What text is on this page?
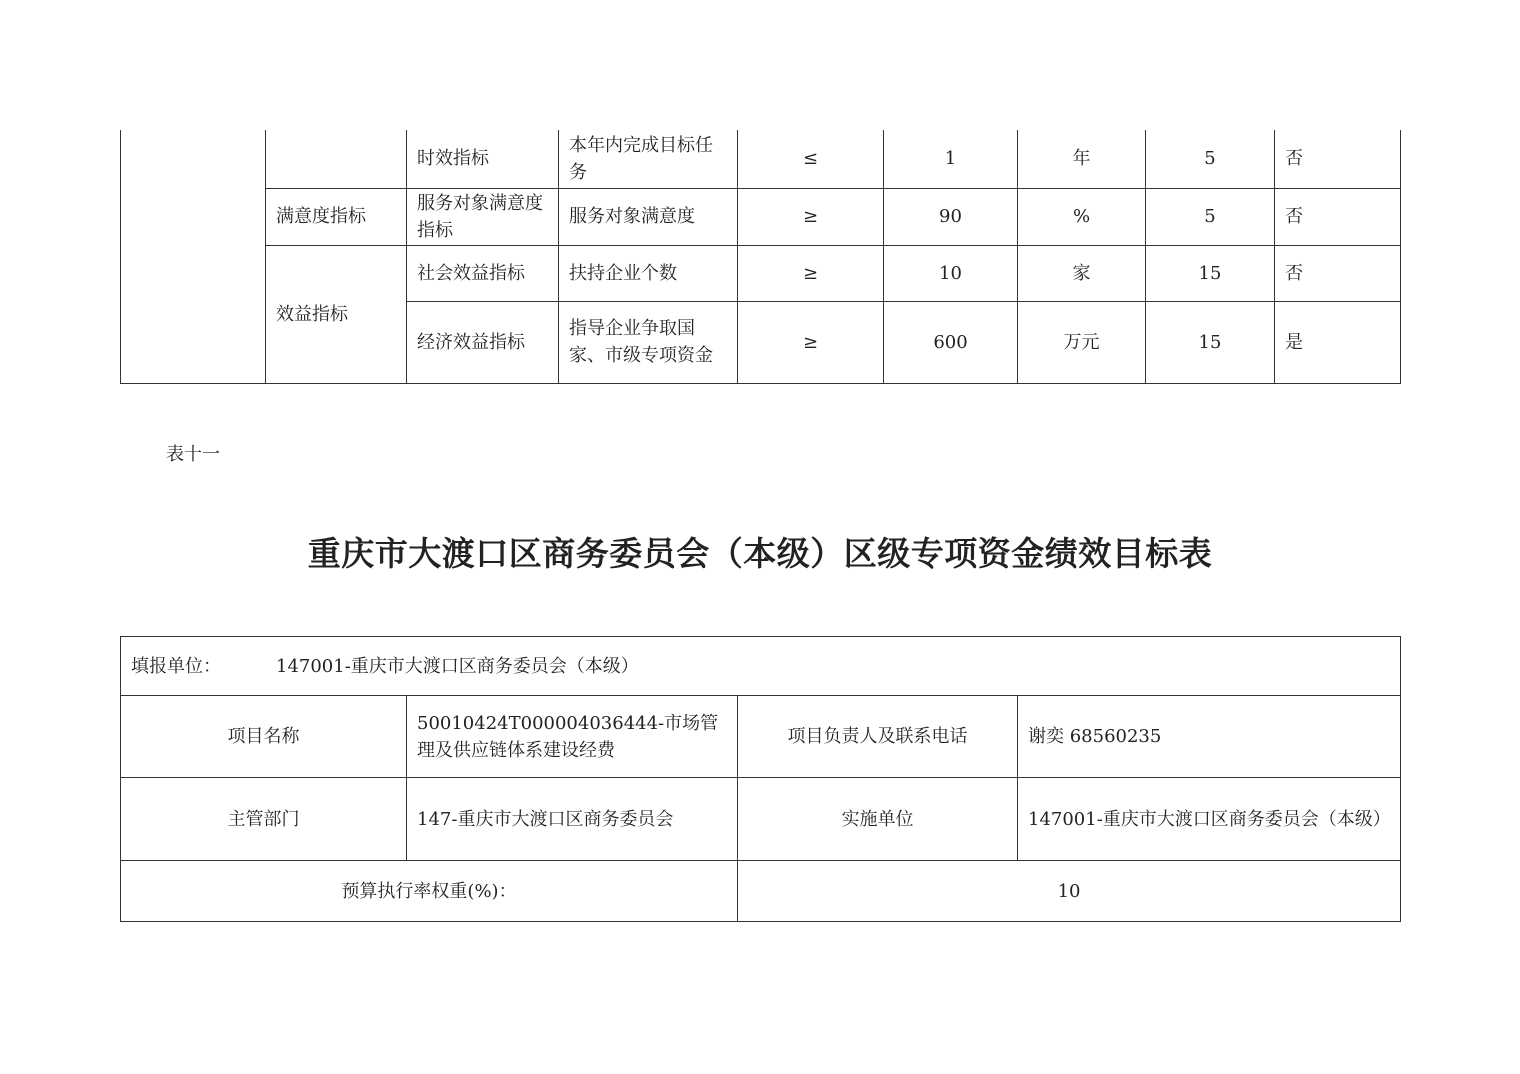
		时效指标	本年内完成目标任务	≤	1	年	5	否
	满意度指标	服务对象满意度指标	服务对象满意度	≥	90	%	5	否
	效益指标	社会效益指标	扶持企业个数	≥	10	家	15	否
		经济效益指标	指导企业争取国家、市级专项资金	≥	600	万元	15	是
表十一
重庆市大渡口区商务委员会（本级）区级专项资金绩效目标表
填报单位： 147001-重庆市大渡口区商务委员会（本级）			
项目名称	50010424T000004036444-市场管理及供应链体系建设经费	项目负责人及联系电话	谢奕 68560235
主管部门	147-重庆市大渡口区商务委员会	实施单位	147001-重庆市大渡口区商务委员会（本级）
预算执行率权重(%)：		10	
